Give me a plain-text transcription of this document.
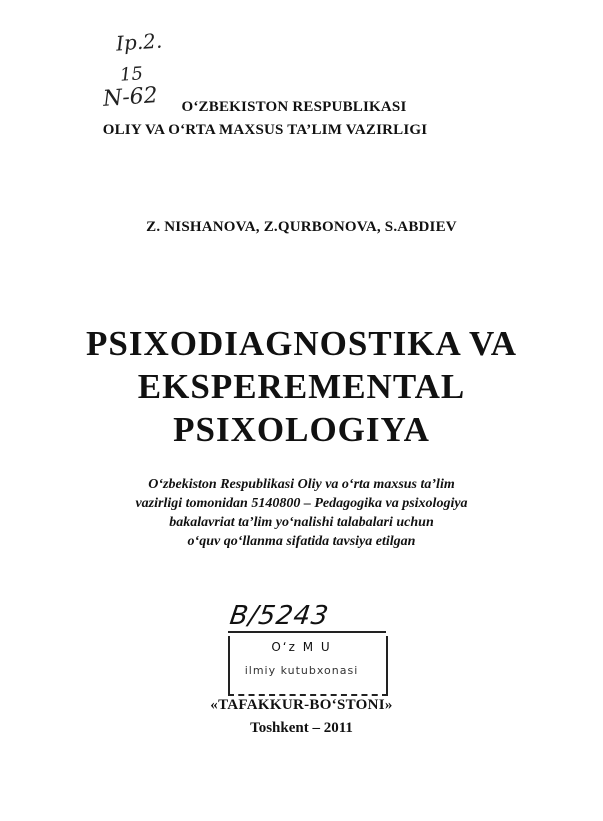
Ip.2.
15
N-62	O‘ZBEKISTON RESPUBLIKASI
OLIY VA O‘RTA MAXSUS TA’LIM VAZIRLIGI
Z. NISHANOVA, Z.QURBONOVA, S.ABDIEV
PSIXODIAGNOSTIKA VA
EKSPEREMENTAL
PSIXOLOGIYA
O‘zbekiston Respublikasi Oliy va o‘rta maxsus ta’lim
vazirligi tomonidan 5140800 – Pedagogika va psixologiya
bakalavriat ta’lim yo‘nalishi talabalari uchun
o‘quv qo‘llanma sifatida tavsiya etilgan
B/5243
O‘z M U
ilmiy kutubxonasi
«TAFAKKUR-BO‘STONI»
Toshkent – 2011
